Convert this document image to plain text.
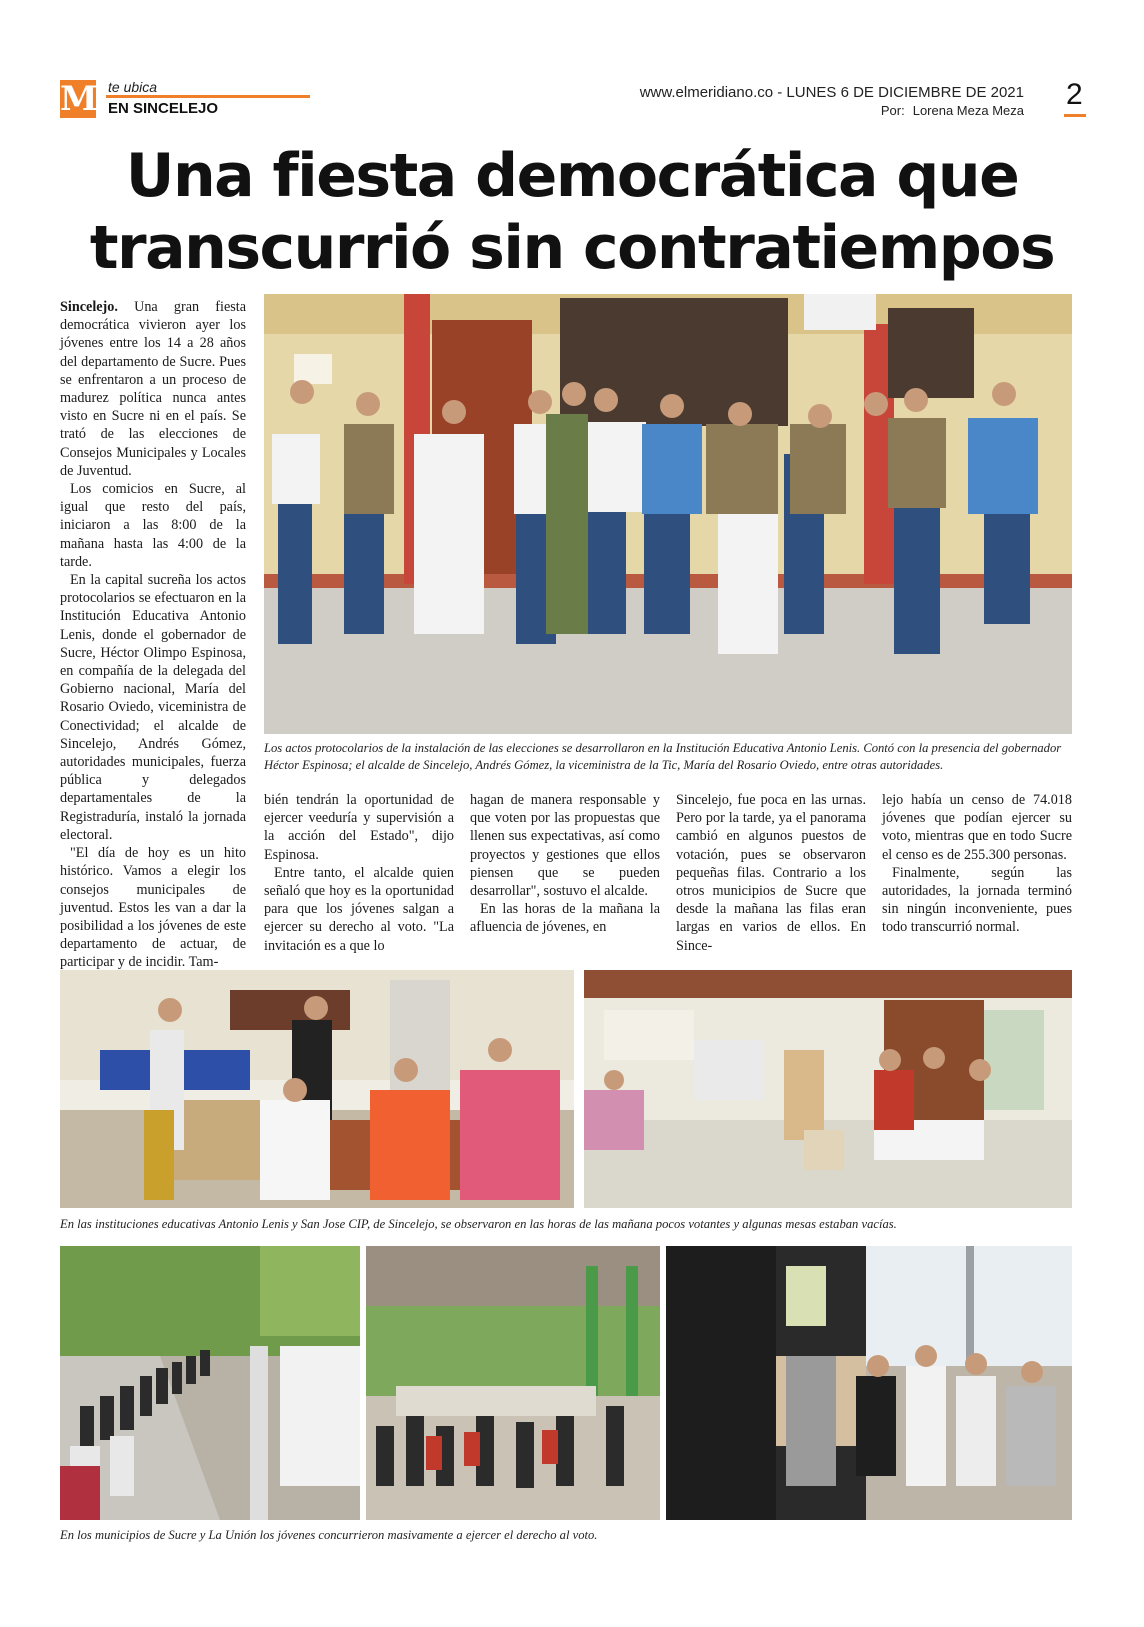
M te ubica
EN SINCELEJO
www.elmeridiano.co - LUNES 6 DE DICIEMBRE DE 2021
Por: Lorena Meza Meza 2
Una fiesta democrática que
transcurrió sin contratiempos

Sincelejo. Una gran fiesta democrática vivieron ayer los jóvenes entre los 14 a 28 años del departamento de Sucre. Pues se enfrentaron a un proceso de madurez política nunca antes visto en Sucre ni en el país. Se trató de las elecciones de Consejos Municipales y Locales de Juventud.

Los comicios en Sucre, al igual que resto del país, iniciaron a las 8:00 de la mañana hasta las 4:00 de la tarde.

En la capital sucreña los actos protocolarios se efectuaron en la Institución Educativa Antonio Lenis, donde el gobernador de Sucre, Héctor Olimpo Espinosa, en compañía de la delegada del Gobierno nacional, María del Rosario Oviedo, viceministra de Conectividad; el alcalde de Sincelejo, Andrés Gómez, autoridades municipales, fuerza pública y delegados departamentales de la Registraduría, instaló la jornada electoral.

"El día de hoy es un hito histórico. Vamos a elegir los consejos municipales de juventud. Estos les van a dar la posibilidad a los jóvenes de este departamento de actuar, de participar y de incidir. Tam-

Los actos protocolarios de la instalación de las elecciones se desarrollaron en la Institución Educativa Antonio Lenis. Contó con la presencia del gobernador Héctor Espinosa; el alcalde de Sincelejo, Andrés Gómez, la viceministra de la Tic, María del Rosario Oviedo, entre otras autoridades.

bién tendrán la oportunidad de ejercer veeduría y supervisión a la acción del Estado", dijo Espinosa.

Entre tanto, el alcalde quien señaló que hoy es la oportunidad para que los jóvenes salgan a ejercer su derecho al voto. "La invitación es a que lo

hagan de manera responsable y que voten por las propuestas que llenen sus expectativas, así como proyectos y gestiones que ellos piensen que se pueden desarrollar", sostuvo el alcalde.

En las horas de la mañana la afluencia de jóvenes, en

Sincelejo, fue poca en las urnas. Pero por la tarde, ya el panorama cambió en algunos puestos de votación, pues se observaron pequeñas filas. Contrario a los otros municipios de Sucre que desde la mañana las filas eran largas en varios de ellos. En Since-

lejo había un censo de 74.018 jóvenes que podían ejercer su voto, mientras que en todo Sucre el censo es de 255.300 personas.

Finalmente, según las autoridades, la jornada terminó sin ningún inconveniente, pues todo transcurrió normal.

En las instituciones educativas Antonio Lenis y San Jose CIP, de Sincelejo, se observaron en las horas de las mañana pocos votantes y algunas mesas estaban vacías.
En los municipios de Sucre y La Unión los jóvenes concurrieron masivamente a ejercer el derecho al voto.
